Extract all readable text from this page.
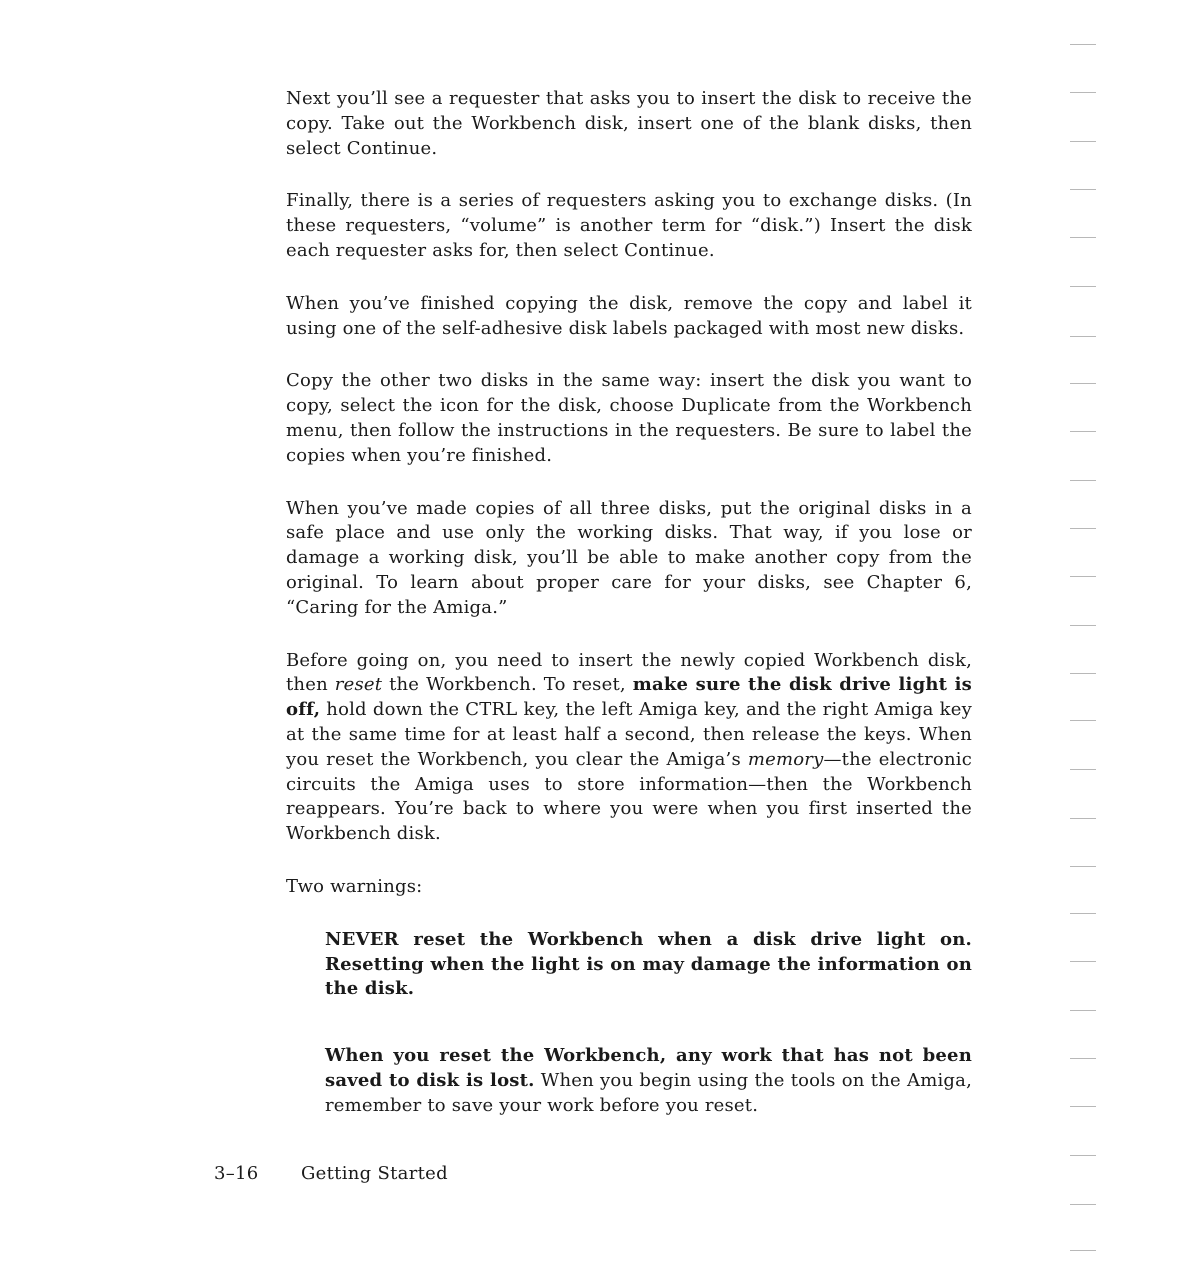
Next you’ll see a requester that asks you to insert the disk to receive the copy. Take out the Workbench disk, insert one of the blank disks, then select Continue.

Finally, there is a series of requesters asking you to exchange disks. (In these requesters, “volume” is another term for “disk.”) Insert the disk each requester asks for, then select Continue.

When you’ve finished copying the disk, remove the copy and label it using one of the self-adhesive disk labels packaged with most new disks.

Copy the other two disks in the same way: insert the disk you want to copy, select the icon for the disk, choose Duplicate from the Workbench menu, then follow the instructions in the requesters. Be sure to label the copies when you’re finished.

When you’ve made copies of all three disks, put the original disks in a safe place and use only the working disks. That way, if you lose or damage a working disk, you’ll be able to make another copy from the original. To learn about proper care for your disks, see Chapter 6, “Caring for the Amiga.”

Before going on, you need to insert the newly copied Workbench disk, then reset the Workbench. To reset, make sure the disk drive light is off, hold down the CTRL key, the left Amiga key, and the right Amiga key at the same time for at least half a second, then release the keys. When you reset the Workbench, you clear the Amiga’s memory—the electronic circuits the Amiga uses to store information—then the Workbench reappears. You’re back to where you were when you first inserted the Workbench disk.

Two warnings:

NEVER reset the Workbench when a disk drive light on. Resetting when the light is on may damage the information on the disk.

When you reset the Workbench, any work that has not been saved to disk is lost. When you begin using the tools on the Amiga, remember to save your work before you reset.

3–16 Getting Started
